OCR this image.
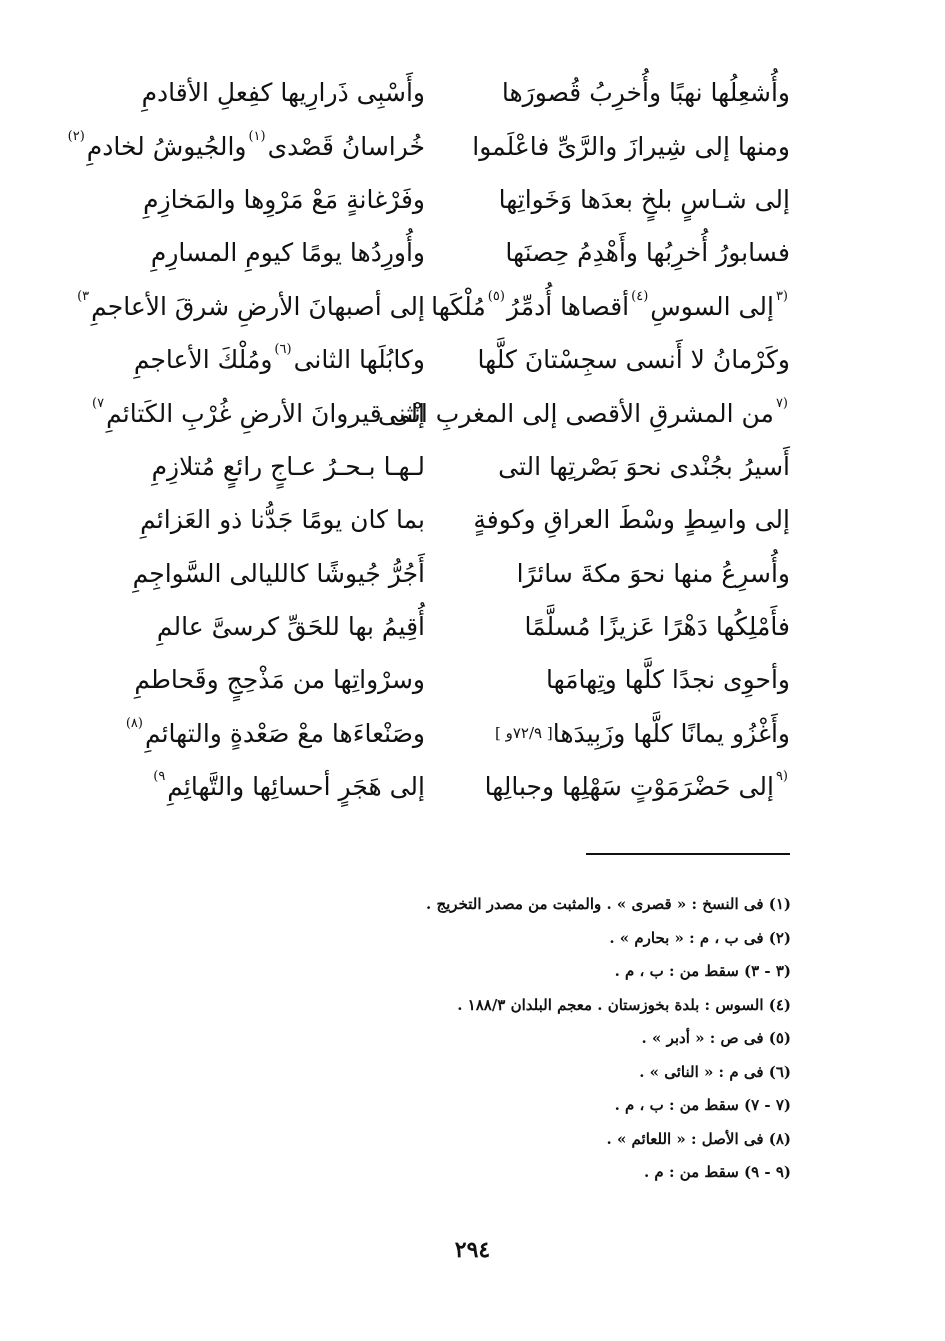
وأُشعِلُها نهبًا وأُخرِبُ قُصورَها
وأَسْبِى ذَرارِيها كفِعلِ الأقادمِ
ومنها إلى شِيرازَ والرَّىِّ فاعْلَموا
خُراسانُ قَصْدى
(١)
والجُيوشُ لخادمِ
(٢)
إلى شـاسٍ بلخٍ بعدَها وَخَواتِها
وفَرْغانةٍ مَعْ مَرْوِها والمَخازِمِ
فسابورُ أُخرِبُها وأَهْدِمُ حِصنَها
وأُورِدُها يومًا كيومِ المسارِمِ
(٣
إلى السوسِ
(٤)
أقصاها أُدمِّرُ
(٥)
مُلْكَها
إلى أصبهانَ الأرضِ شرقَ الأعاجمِ
٣)
وكَرْمانُ لا أَنسى سجِسْتانَ كلَّها
وكابُلَها الثانى
(٦)
ومُلْكَ الأعاجمِ
(٧
من المشرقِ الأقصى إلى المغربِ انْثنى
إلى قيروانَ الأرضِ غُرْبِ الكَتائمِ
٧)
أَسيرُ بجُنْدى نحوَ بَصْرتِها التى
لـهـا بـحـرُ عـاجٍ رائعٍ مُتلازِمِ
إلى واسِطٍ وسْطَ العراقِ وكوفةٍ
بما كان يومًا جَدُّنا ذو العَزائمِ
وأُسرِعُ منها نحوَ مكةَ سائرًا
أَجُرُّ جُيوشًا كالليالى السَّواجِمِ
فأَمْلِكُها دَهْرًا عَزيزًا مُسلَّمًا
أُقِيمُ بها للحَقِّ كرسىَّ عالمِ
وأحوِى نجدًا كلَّها وتِهامَها
وسرْواتِها من مَذْحِجٍ وقَحاطمِ
وأَغْزُو يمانًا كلَّها وزَبِيدَها
[ ٧٢/٩و ]
وصَنْعاءَها معْ صَعْدةٍ والتهائمِ
(٨)
(٩
إلى حَضْرَمَوْتٍ سَهْلِها وجبالِها
إلى هَجَرٍ أحسائِها والتَّهائِمِ
٩)
(١) فى النسخ : « قصرى » . والمثبت من مصدر التخريج .
(٢) فى ب ، م : « بحارم » .
(٣ - ٣) سقط من : ب ، م .
(٤) السوس : بلدة بخوزستان . معجم البلدان ١٨٨/٣ .
(٥) فى ص : « أدبر » .
(٦) فى م : « النائى » .
(٧ - ٧) سقط من : ب ، م .
(٨) فى الأصل : « اللعائم » .
(٩ - ٩) سقط من : م .
٢٩٤
